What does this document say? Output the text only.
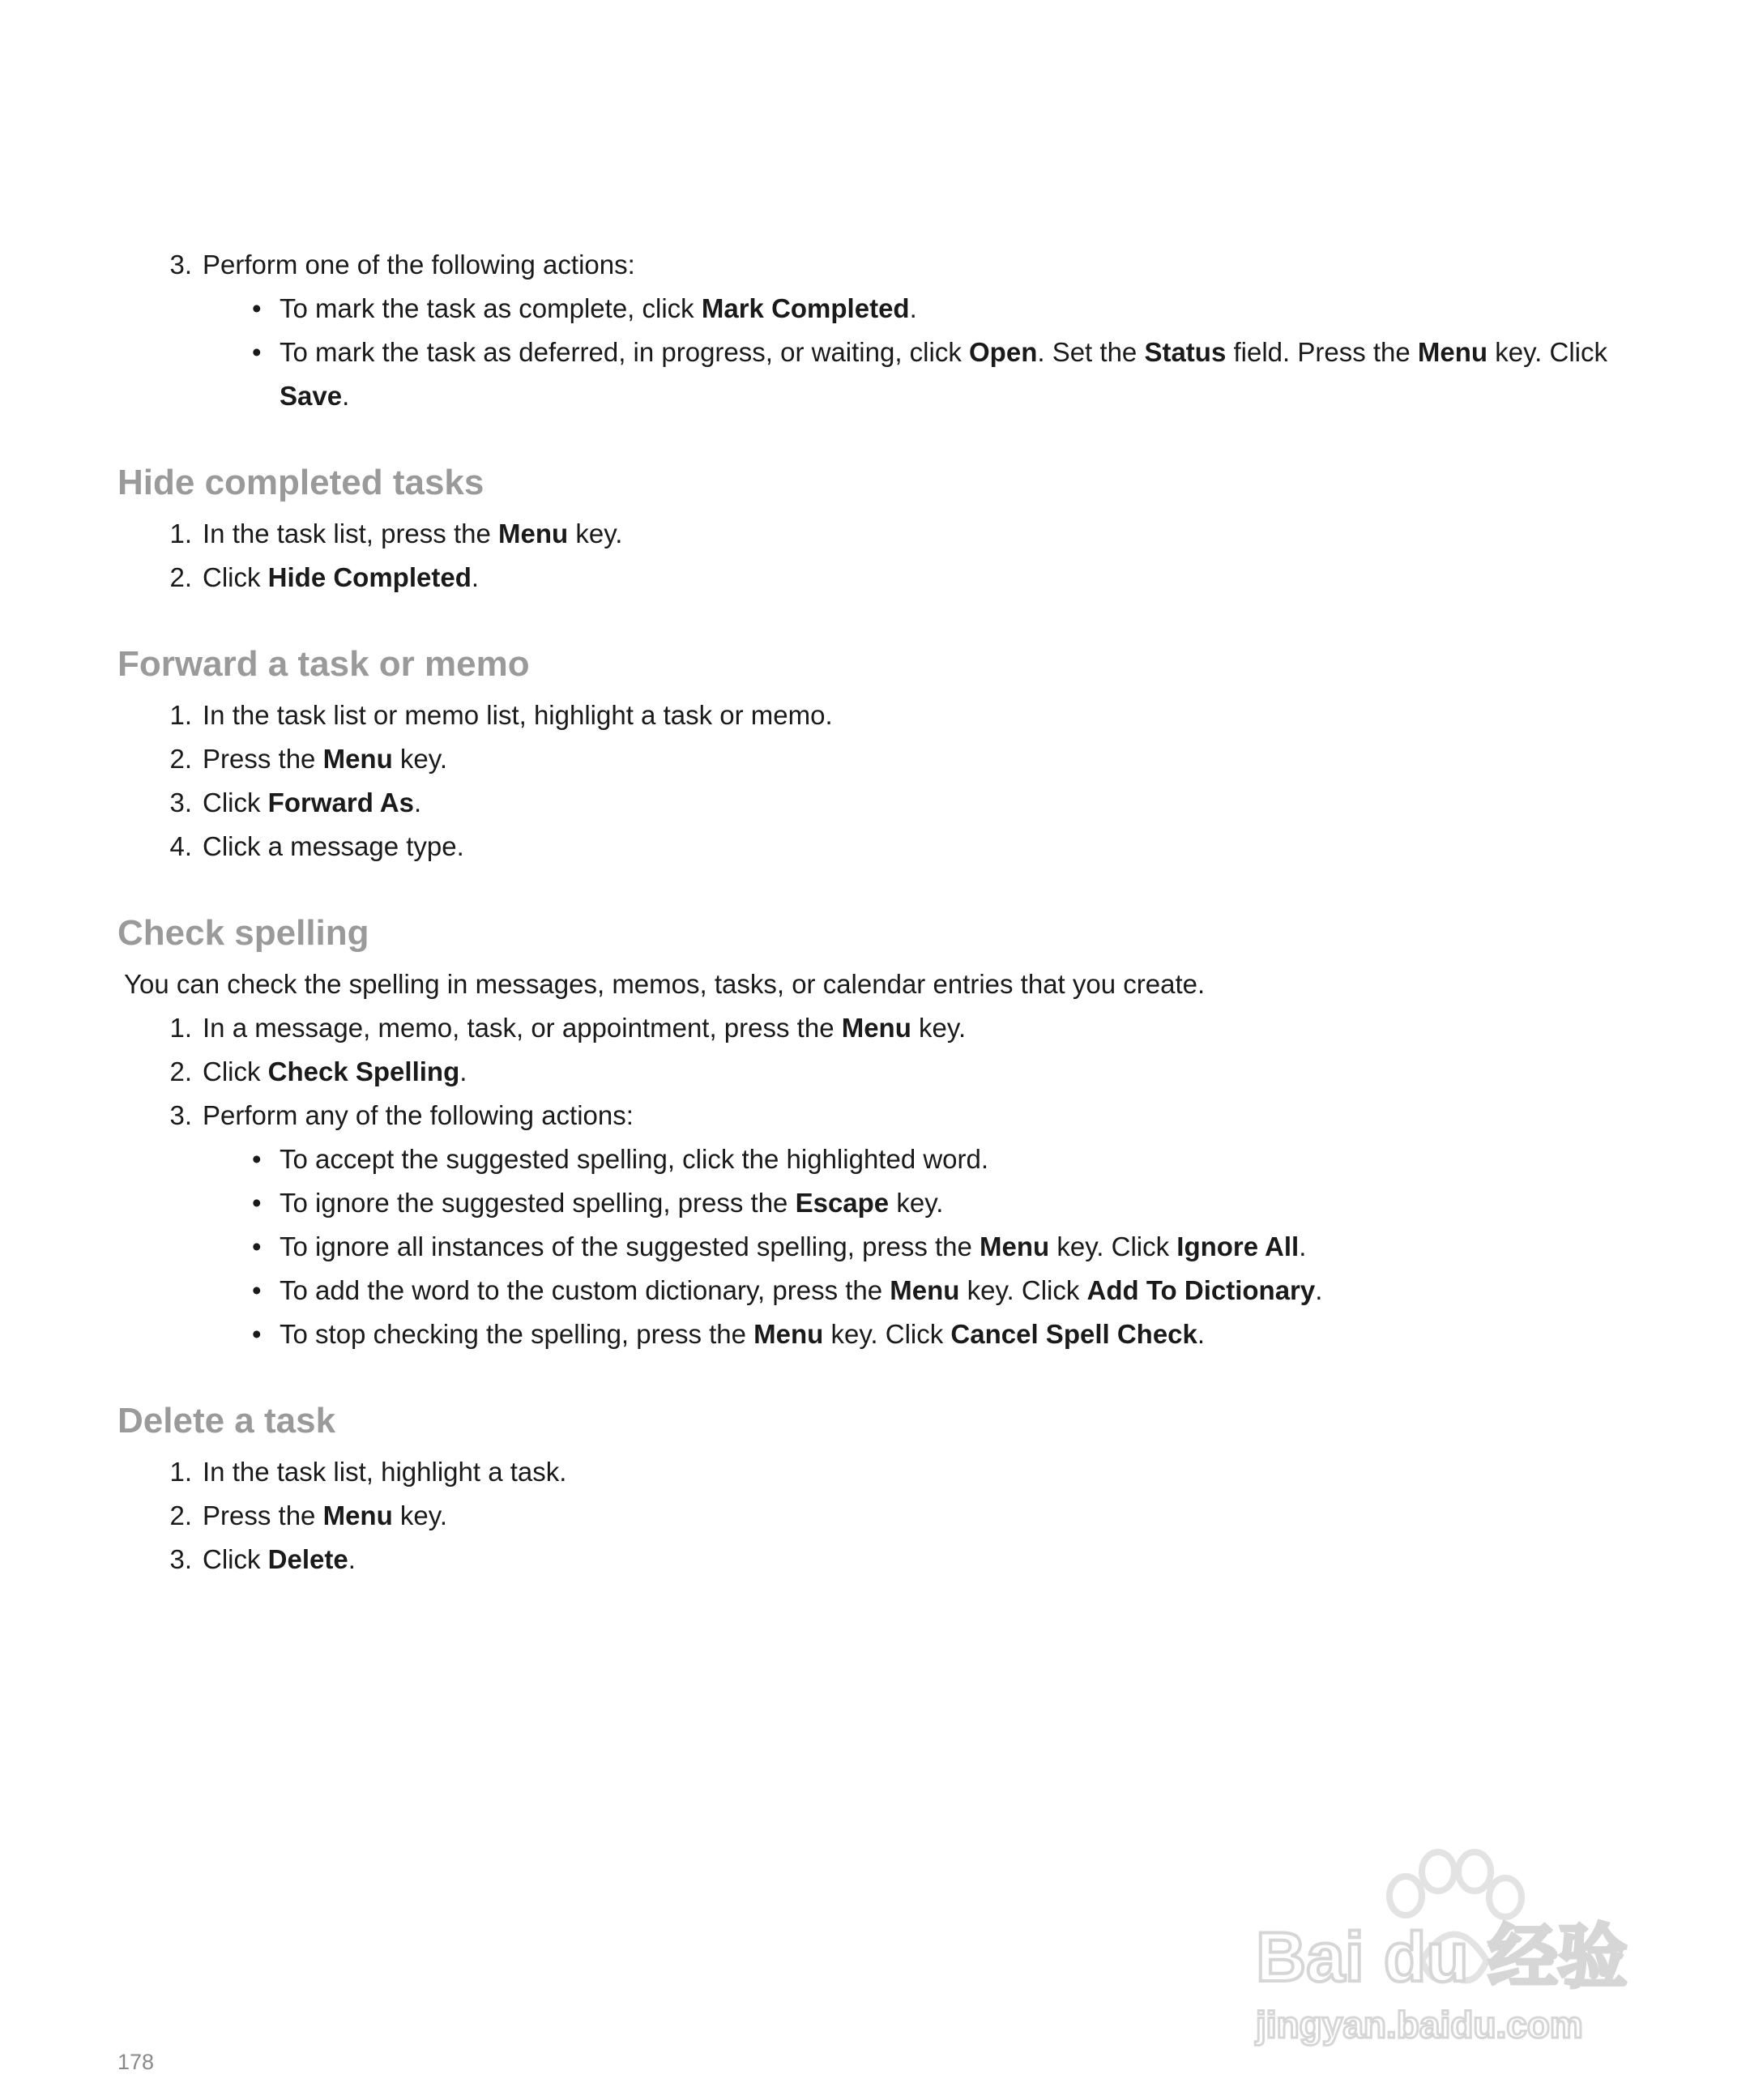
3. Perform one of the following actions:
• To mark the task as complete, click Mark Completed.
• To mark the task as deferred, in progress, or waiting, click Open. Set the Status field. Press the Menu key. Click Save.
Hide completed tasks
1. In the task list, press the Menu key.
2. Click Hide Completed.
Forward a task or memo
1. In the task list or memo list, highlight a task or memo.
2. Press the Menu key.
3. Click Forward As.
4. Click a message type.
Check spelling
You can check the spelling in messages, memos, tasks, or calendar entries that you create.
1. In a message, memo, task, or appointment, press the Menu key.
2. Click Check Spelling.
3. Perform any of the following actions:
• To accept the suggested spelling, click the highlighted word.
• To ignore the suggested spelling, press the Escape key.
• To ignore all instances of the suggested spelling, press the Menu key. Click Ignore All.
• To add the word to the custom dictionary, press the Menu key. Click Add To Dictionary.
• To stop checking the spelling, press the Menu key. Click Cancel Spell Check.
Delete a task
1. In the task list, highlight a task.
2. Press the Menu key.
3. Click Delete.
178
Bai du 经验
jingyan.baidu.com
